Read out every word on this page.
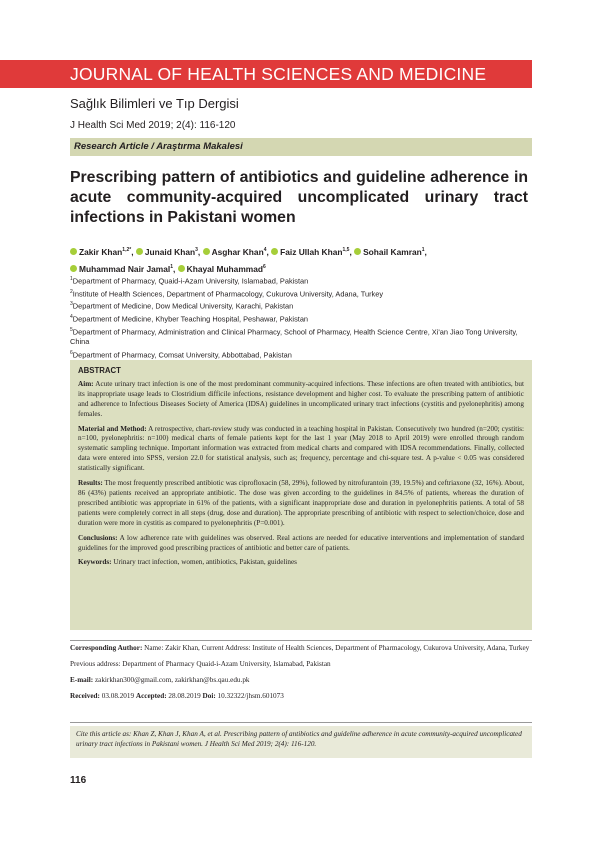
JOURNAL OF HEALTH SCIENCES AND MEDICINE
Sağlık Bilimleri ve Tıp Dergisi
J Health Sci Med 2019; 2(4): 116-120
Research Article / Araştırma Makalesi
Prescribing pattern of antibiotics and guideline adherence in acute community-acquired uncomplicated urinary tract infections in Pakistani women
Zakir Khan$^{1,2*}$, Junaid Khan$^3$, Asghar Khan$^4$, Faiz Ullah Khan$^{1,5}$, Sohail Kamran$^1$, Muhammad Nair Jamal$^1$, Khayal Muhammad$^6$
$^1$Department of Pharmacy, Quaid-i-Azam University, Islamabad, Pakistan
$^2$Institute of Health Sciences, Department of Pharmacology, Cukurova University, Adana, Turkey
$^3$Department of Medicine, Dow Medical University, Karachi, Pakistan
$^4$Department of Medicine, Khyber Teaching Hospital, Peshawar, Pakistan
$^5$Department of Pharmacy, Administration and Clinical Pharmacy, School of Pharmacy, Health Science Centre, Xi'an Jiao Tong University, China
$^6$Department of Pharmacy, Comsat University, Abbottabad, Pakistan
ABSTRACT
Aim: Acute urinary tract infection is one of the most predominant community-acquired infections. These infections are often treated with antibiotics, but its inappropriate usage leads to Clostridium difficile infections, resistance development and higher cost. To evaluate the prescribing pattern of antibiotic and adherence to Infectious Diseases Society of America (IDSA) guidelines in uncomplicated urinary tract infections (cystitis and pyelonephritis) among females.
Material and Method: A retrospective, chart-review study was conducted in a teaching hospital in Pakistan. Consecutively two hundred (n=200; cystitis: n=100, pyelonephritis: n=100) medical charts of female patients kept for the last 1 year (May 2018 to April 2019) were enrolled through random systematic sampling technique. Important information was extracted from medical charts and compared with IDSA recommendations. Finally, collected data were entered into SPSS, version 22.0 for statistical analysis, such as; frequency, percentage and chi-square test. A p-value < 0.05 was considered statistically significant.
Results: The most frequently prescribed antibiotic was ciprofloxacin (58, 29%), followed by nitrofurantoin (39, 19.5%) and ceftriaxone (32, 16%). About, 86 (43%) patients received an appropriate antibiotic. The dose was given according to the guidelines in 84.5% of patients, whereas the duration of prescribed antibiotic was appropriate in 61% of the patients, with a significant inappropriate dose and duration in pyelonephritis patients. A total of 58 patients were completely correct in all steps (drug, dose and duration). The appropriate prescribing of antibiotic with respect to selection/choice, dose and duration were more in cystitis as compared to pyelonephritis (P=0.001).
Conclusions: A low adherence rate with guidelines was observed. Real actions are needed for educative interventions and implementation of standard guidelines for the improved good prescribing practices of antibiotic and better care of patients.
Keywords: Urinary tract infection, women, antibiotics, Pakistan, guidelines
Corresponding Author: Name: Zakir Khan, Current Address: Institute of Health Sciences, Department of Pharmacology, Cukurova University, Adana, Turkey
Previous address: Department of Pharmacy Quaid-i-Azam University, Islamabad, Pakistan
E-mail: zakirkhan300@gmail.com, zakirkhan@bs.qau.edu.pk
Received: 03.08.2019 Accepted: 28.08.2019 Doi: 10.32322/jhsm.601073
Cite this article as: Khan Z, Khan J, Khan A, et al. Prescribing pattern of antibiotics and guideline adherence in acute community-acquired uncomplicated urinary tract infections in Pakistani women. J Health Sci Med 2019; 2(4): 116-120.
116
